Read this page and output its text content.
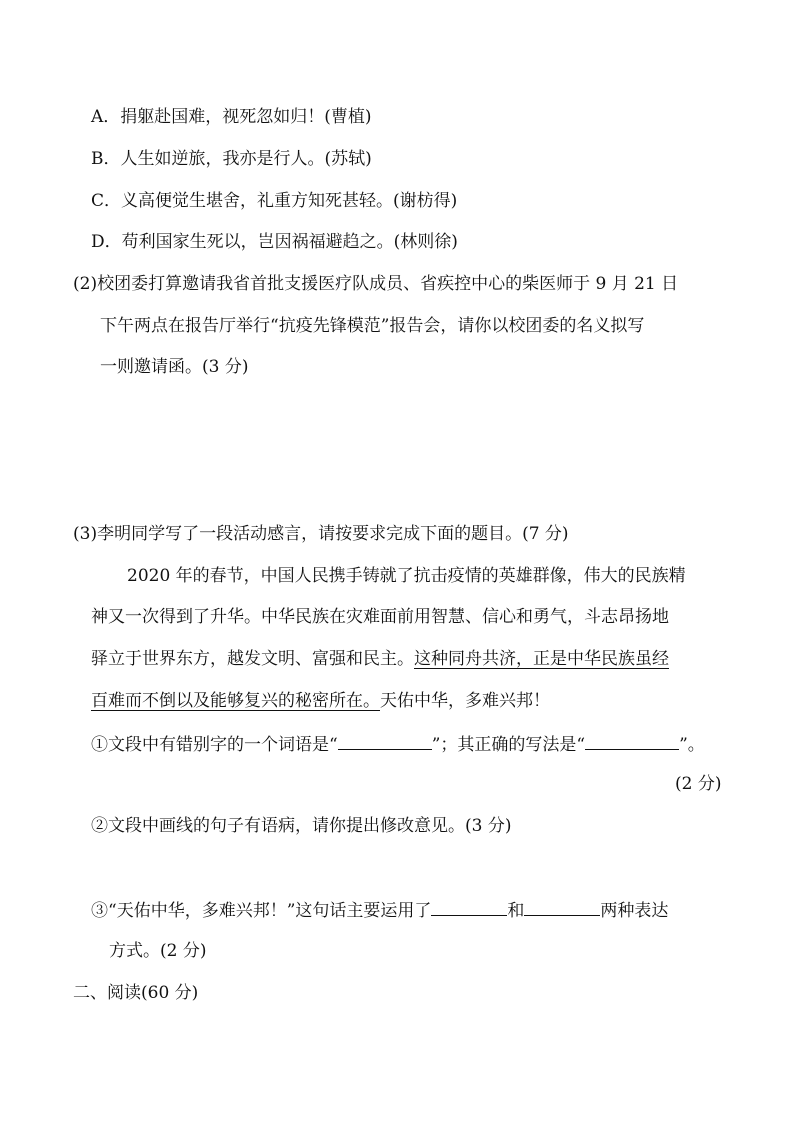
A．捐躯赴国难，视死忽如归！(曹植)
B．人生如逆旅，我亦是行人。(苏轼)
C．义高便觉生堪舍，礼重方知死甚轻。(谢枋得)
D．苟利国家生死以，岂因祸福避趋之。(林则徐)
(2)校团委打算邀请我省首批支援医疗队成员、省疾控中心的柴医师于 9 月 21 日
下午两点在报告厅举行“抗疫先锋模范”报告会，请你以校团委的名义拟写
一则邀请函。(3 分)
(3)李明同学写了一段活动感言，请按要求完成下面的题目。(7 分)
2020 年的春节，中国人民携手铸就了抗击疫情的英雄群像，伟大的民族精
神又一次得到了升华。中华民族在灾难面前用智慧、信心和勇气，斗志昂扬地
驿立于世界东方，越发文明、富强和民主。这种同舟共济，正是中华民族虽经
百难而不倒以及能够复兴的秘密所在。天佑中华，多难兴邦！
①文段中有错别字的一个词语是“	”；其正确的写法是“	”。
(2 分)
②文段中画线的句子有语病，请你提出修改意见。(3 分)
③“天佑中华，多难兴邦！”这句话主要运用了	和	两种表达
方式。(2 分)
二、阅读(60 分)
